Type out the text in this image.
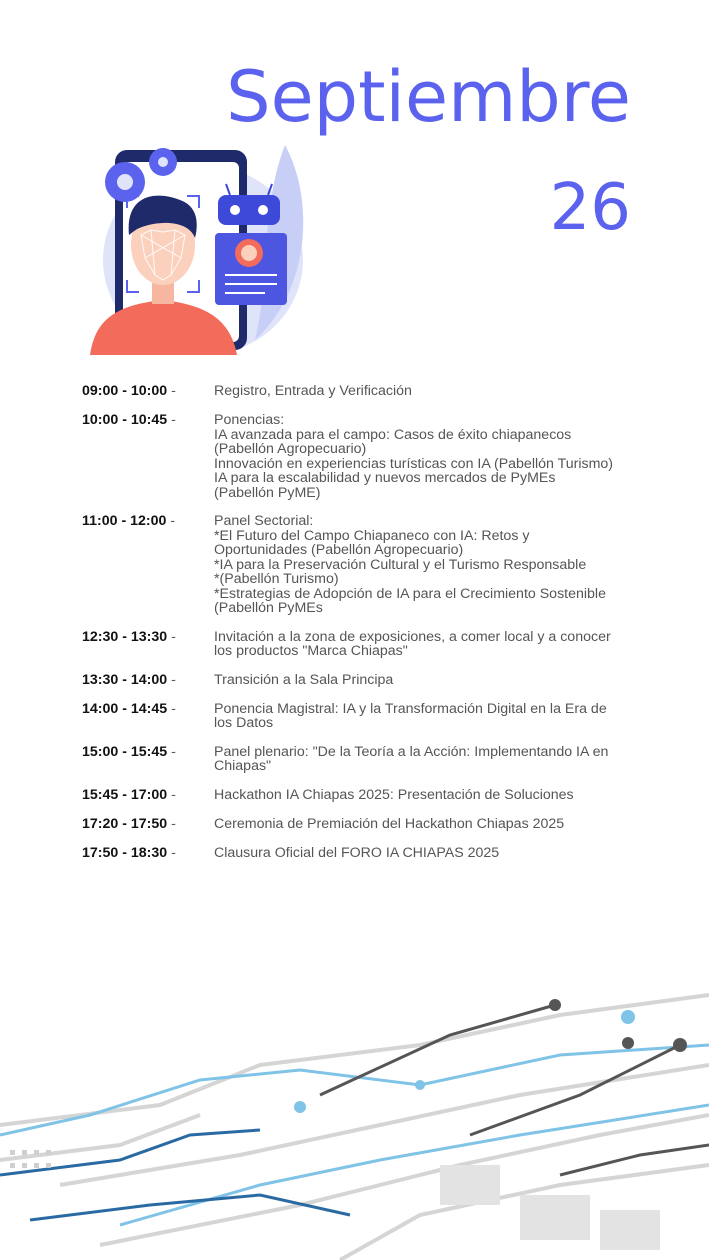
Septiembre
26
09:00 - 10:00 -	Registro, Entrada y Verificación
10:00 - 10:45 -	Ponencias:
IA avanzada para el campo: Casos de éxito chiapanecos
(Pabellón Agropecuario)
Innovación en experiencias turísticas con IA (Pabellón Turismo)
IA para la escalabilidad y nuevos mercados de PyMEs
(Pabellón PyME)
11:00 - 12:00 -	Panel Sectorial:
*El Futuro del Campo Chiapaneco con IA: Retos y
Oportunidades (Pabellón Agropecuario)
*IA para la Preservación Cultural y el Turismo Responsable
*(Pabellón Turismo)
*Estrategias de Adopción de IA para el Crecimiento Sostenible
(Pabellón PyMEs
12:30 - 13:30 -	Invitación a la zona de exposiciones, a comer local y a conocer
los productos "Marca Chiapas"
13:30 - 14:00 -	Transición a la Sala Principa
14:00 - 14:45 -	Ponencia Magistral: IA y la Transformación Digital en la Era de
los Datos
15:00 - 15:45 -	Panel plenario: "De la Teoría a la Acción: Implementando IA en
Chiapas"
15:45 - 17:00 -	Hackathon IA Chiapas 2025: Presentación de Soluciones
17:20 - 17:50 -	Ceremonia de Premiación del Hackathon Chiapas 2025
17:50 - 18:30 -	Clausura Oficial del FORO IA CHIAPAS 2025
